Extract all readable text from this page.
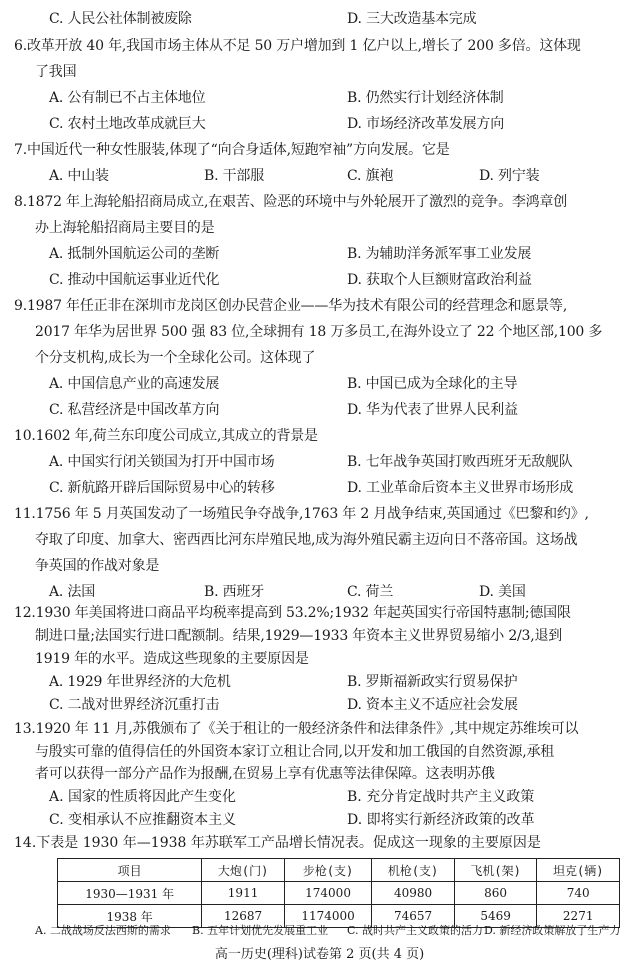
C. 人民公社体制被废除	D. 三大改造基本完成
6.改革开放 40 年,我国市场主体从不足 50 万户增加到 1 亿户以上,增长了 200 多倍。这体现
了我国
A. 公有制已不占主体地位	B. 仍然实行计划经济体制
C. 农村土地改革成就巨大	D. 市场经济改革发展方向
7.中国近代一种女性服装,体现了“向合身适体,短跑窄袖”方向发展。它是
A. 中山装	B. 干部服	C. 旗袍	D. 列宁装
8.1872 年上海轮船招商局成立,在艰苦、险恶的环境中与外轮展开了激烈的竞争。李鸿章创
办上海轮船招商局主要目的是
A. 抵制外国航运公司的垄断	B. 为辅助洋务派军事工业发展
C. 推动中国航运事业近代化	D. 获取个人巨额财富政治利益
9.1987 年任正非在深圳市龙岗区创办民营企业——华为技术有限公司的经营理念和愿景等,
2017 年华为居世界 500 强 83 位,全球拥有 18 万多员工,在海外设立了 22 个地区部,100 多
个分支机构,成长为一个全球化公司。这体现了
A. 中国信息产业的高速发展	B. 中国已成为全球化的主导
C. 私营经济是中国改革方向	D. 华为代表了世界人民利益
10.1602 年,荷兰东印度公司成立,其成立的背景是
A. 中国实行闭关锁国为打开中国市场	B. 七年战争英国打败西班牙无敌舰队
C. 新航路开辟后国际贸易中心的转移	D. 工业革命后资本主义世界市场形成
11.1756 年 5 月英国发动了一场殖民争夺战争,1763 年 2 月战争结束,英国通过《巴黎和约》,
夺取了印度、加拿大、密西西比河东岸殖民地,成为海外殖民霸主迈向日不落帝国。这场战
争英国的作战对象是
A. 法国	B. 西班牙	C. 荷兰	D. 美国
12.1930 年美国将进口商品平均税率提高到 53.2%;1932 年起英国实行帝国特惠制;德国限
制进口量;法国实行进口配额制。结果,1929—1933 年资本主义世界贸易缩小 2/3,退到
1919 年的水平。造成这些现象的主要原因是
A. 1929 年世界经济的大危机	B. 罗斯福新政实行贸易保护
C. 二战对世界经济沉重打击	D. 资本主义不适应社会发展
13.1920 年 11 月,苏俄颁布了《关于租让的一般经济条件和法律条件》,其中规定苏维埃可以
与殷实可靠的值得信任的外国资本家订立租让合同,以开发和加工俄国的自然资源,承租
者可以获得一部分产品作为报酬,在贸易上享有优惠等法律保障。这表明苏俄
A. 国家的性质将因此产生变化	B. 充分肯定战时共产主义政策
C. 变相承认不应推翻资本主义	D. 即将实行新经济政策的改革
14.下表是 1930 年—1938 年苏联军工产品增长情况表。促成这一现象的主要原因是
项目	大炮(门)	步枪(支)	机枪(支)	飞机(架)	坦克(辆)
1930—1931 年	1911	174000	40980	860	740
1938 年	12687	1174000	74657	5469	2271
A. 二战战场反法西斯的需求 B. 五年计划优先发展重工业 C. 战时共产主义政策的活力 D. 新经济政策解放了生产力
高一历史(理科)试卷第 2 页(共 4 页)
